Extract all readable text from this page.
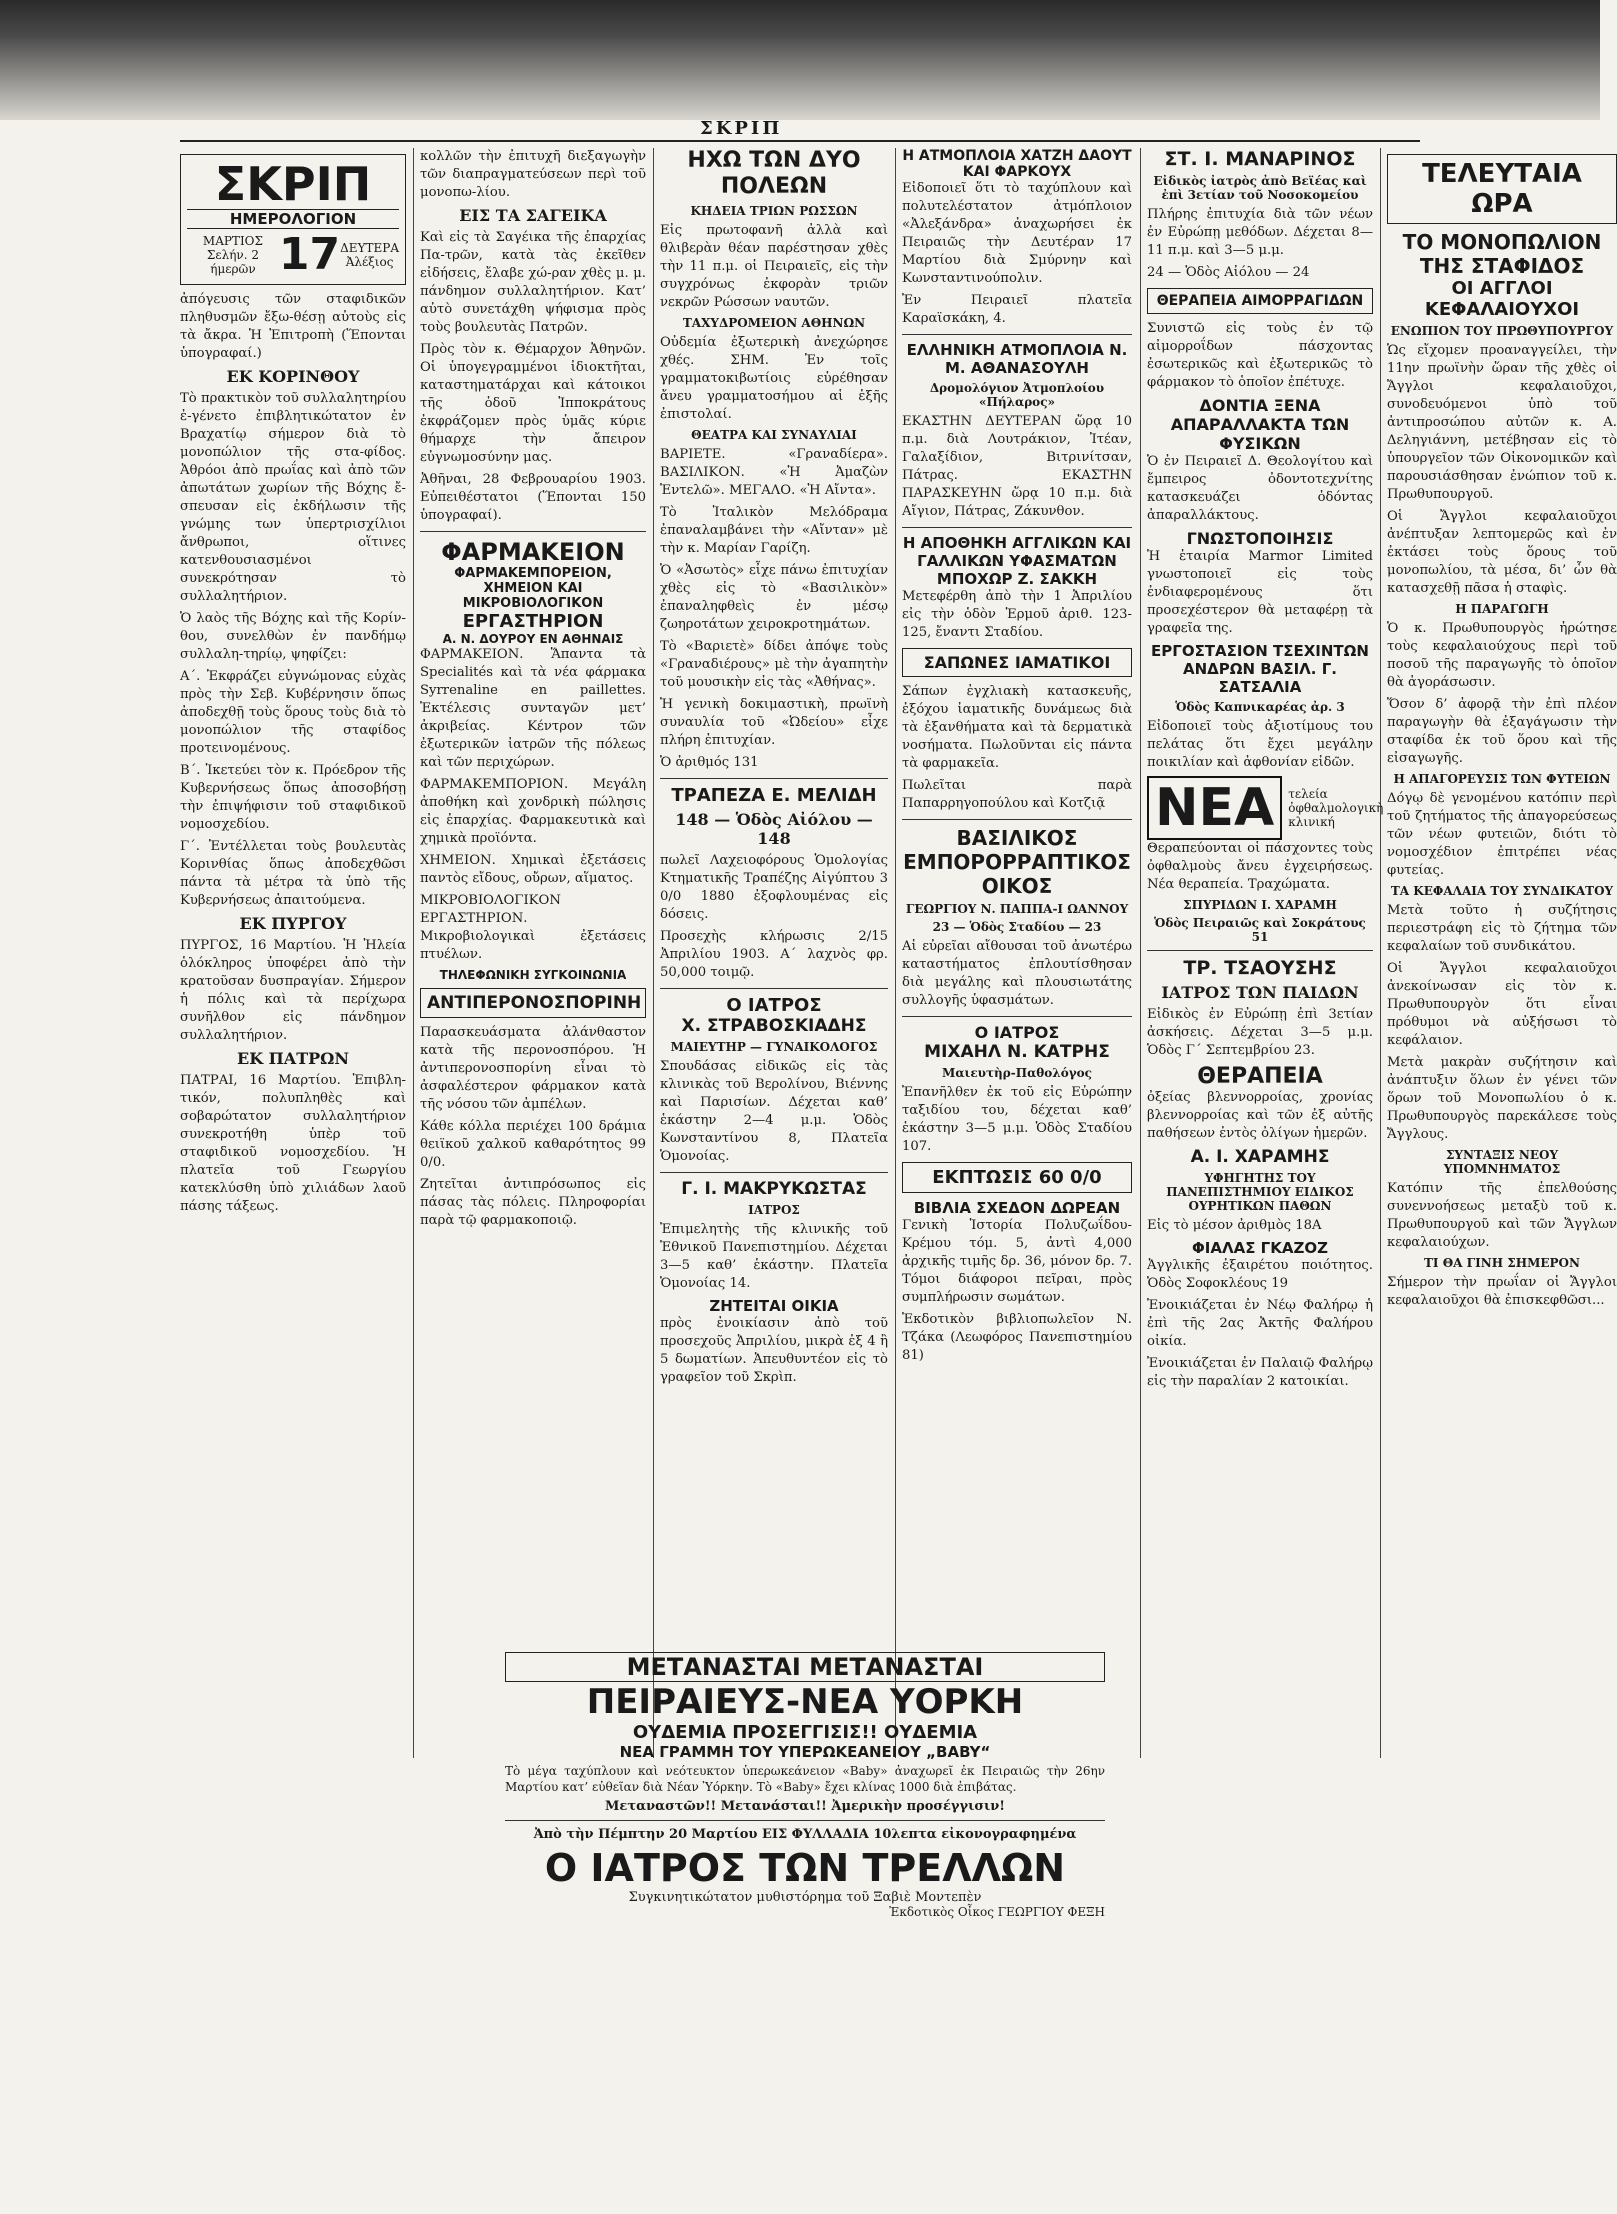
ΣΚΡΙΠ
ΣΚΡΙΠ
ΗΜΕΡΟΛΟΓΙΟΝ
ΜΑΡΤΙΟΣ
Σελήν. 2 ήμερῶν 17 ΔΕΥΤΕΡΑ
Ἀλέξιος

ἀπόγευσις τῶν σταφιδικῶν πληθυσμῶν ἔξω-θέσῃ αὐτοὺς εἰς τὰ ἄκρα. Ἡ Ἐπιτροπὴ (Ἕπονται ὑπογραφαί.)

ΕΚ ΚΟΡΙΝΘΟΥ

Τὸ πρακτικὸν τοῦ συλλαλητηρίου ἐ-γένετο ἐπιβλητικώτατον ἐν Βραχατίῳ σήμερον διὰ τὸ μονοπώλιον τῆς στα-φίδος. Ἀθρόοι ἀπὸ πρωΐας καὶ ἀπὸ τῶν ἀπωτάτων χωρίων τῆς Βόχης ἔ-σπευσαν εἰς ἐκδήλωσιν τῆς γνώμης των ὑπερτρισχίλιοι ἄνθρωποι, οἵτινες κατενθουσιασμένοι συνεκρότησαν τὸ συλλαλητήριον.

Ὁ λαὸς τῆς Βόχης καὶ τῆς Κορίν-θου, συνελθὼν ἐν πανδήμῳ συλλαλη-τηρίῳ, ψηφίζει:

Α΄. Ἐκφράζει εὐγνώμονας εὐχὰς πρὸς τὴν Σεβ. Κυβέρνησιν ὅπως ἀποδεχθῇ τοὺς ὅρους τοὺς διὰ τὸ μονοπώλιον τῆς σταφίδος προτεινομένους.

Β΄. Ἱκετεύει τὸν κ. Πρόεδρον τῆς Κυβερνήσεως ὅπως ἀποσοβήσῃ τὴν ἐπιψήφισιν τοῦ σταφιδικοῦ νομοσχεδίου.

Γ΄. Ἐντέλλεται τοὺς βουλευτὰς Κορινθίας ὅπως ἀποδεχθῶσι πάντα τὰ μέτρα τὰ ὑπὸ τῆς Κυβερνήσεως ἀπαιτούμενα.

ΕΚ ΠΥΡΓΟΥ

ΠΥΡΓΟΣ, 16 Μαρτίου. Ἡ Ἠλεία ὁλόκληρος ὑποφέρει ἀπὸ τὴν κρατοῦσαν δυσπραγίαν. Σήμερον ἡ πόλις καὶ τὰ περίχωρα συνῆλθον εἰς πάνδημον συλλαλητήριον.

ΕΚ ΠΑΤΡΩΝ

ΠΑΤΡΑΙ, 16 Μαρτίου. Ἐπιβλη-τικόν, πολυπληθὲς καὶ σοβαρώτατον συλλαλητήριον συνεκροτήθη ὑπὲρ τοῦ σταφιδικοῦ νομοσχεδίου. Ἡ πλατεῖα τοῦ Γεωργίου κατεκλύσθη ὑπὸ χιλιάδων λαοῦ πάσης τάξεως.

κολλῶν τὴν ἐπιτυχῆ διεξαγωγὴν τῶν διαπραγματεύσεων περὶ τοῦ μονοπω-λίου.

ΕΙΣ ΤΑ ΣΑΓΕΙΚΑ

Καὶ εἰς τὰ Σαγέικα τῆς ἐπαρχίας Πα-τρῶν, κατὰ τὰς ἐκεῖθεν εἰδήσεις, ἔλαβε χώ-ραν χθὲς μ. μ. πάνδημον συλλαλητήριον. Κατ’ αὐτὸ συνετάχθη ψήφισμα πρὸς τοὺς βουλευτὰς Πατρῶν.

Πρὸς τὸν κ. Θέμαρχον Ἀθηνῶν. Οἱ ὑπογεγραμμένοι ἰδιοκτῆται, καταστηματάρχαι καὶ κάτοικοι τῆς ὁδοῦ Ἱπποκράτους ἐκφράζομεν πρὸς ὑμᾶς κύριε θήμαρχε τὴν ἄπειρον εὐγνωμοσύνην μας.

Ἀθῆναι, 28 Φεβρουαρίου 1903. Εὐπειθέστατοι (Ἕπονται 150 ὑπογραφαί).

ΦΑΡΜΑΚΕΙΟΝ
ΦΑΡΜΑΚΕΜΠΟΡΕΙΟΝ, ΧΗΜΕΙΟΝ ΚΑΙ ΜΙΚΡΟΒΙΟΛΟΓΙΚΟΝ
ΕΡΓΑΣΤΗΡΙΟΝ
Α. Ν. ΔΟΥΡΟΥ ΕΝ ΑΘΗΝΑΙΣ

ΦΑΡΜΑΚΕΙΟΝ. Ἅπαντα τὰ Specialités καὶ τὰ νέα φάρμακα Syrrenaline en paillettes. Ἐκτέλεσις συνταγῶν μετ’ ἀκριβείας. Κέντρον τῶν ἐξωτερικῶν ἰατρῶν τῆς πόλεως καὶ τῶν περιχώρων.

ΦΑΡΜΑΚΕΜΠΟΡΙΟΝ. Μεγάλη ἀποθήκη καὶ χονδρικὴ πώλησις εἰς ἐπαρχίας. Φαρμακευτικὰ καὶ χημικὰ προϊόντα.

ΧΗΜΕΙΟΝ. Χημικαὶ ἐξετάσεις παντὸς εἴδους, οὔρων, αἵματος.

ΜΙΚΡΟΒΙΟΛΟΓΙΚΟΝ ΕΡΓΑΣΤΗΡΙΟΝ. Μικροβιολογικαὶ ἐξετάσεις πτυέλων.

ΤΗΛΕΦΩΝΙΚΗ ΣΥΓΚΟΙΝΩΝΙΑ
ΑΝΤΙΠΕΡΟΝΟΣΠΟΡΙΝΗ

Παρασκευάσματα ἀλάνθαστον κατὰ τῆς περονοσπόρου. Ἡ ἀντιπερονοσπορίνη εἶναι τὸ ἀσφαλέστερον φάρμακον κατὰ τῆς νόσου τῶν ἀμπέλων.

Κάθε κόλλα περιέχει 100 δράμια θειϊκοῦ χαλκοῦ καθαρότητος 99 0/0.

Ζητεῖται ἀντιπρόσωπος εἰς πάσας τὰς πόλεις. Πληροφορίαι παρὰ τῷ φαρμακοποιῷ.

ΗΧΩ ΤΩΝ ΔΥΟ ΠΟΛΕΩΝ
ΚΗΔΕΙΑ ΤΡΙΩΝ ΡΩΣΣΩΝ

Εἰς πρωτοφανῆ ἀλλὰ καὶ θλιβερὰν θέαν παρέστησαν χθὲς τὴν 11 π.μ. οἱ Πειραιεῖς, εἰς τὴν συγχρόνως ἐκφορὰν τριῶν νεκρῶν Ρώσσων ναυτῶν.

ΤΑΧΥΔΡΟΜΕΙΟΝ ΑΘΗΝΩΝ

Οὐδεμία ἐξωτερικὴ ἀνεχώρησε χθές. ΣΗΜ. Ἐν τοῖς γραμματοκιβωτίοις εὑρέθησαν ἄνευ γραμματοσήμου αἱ ἑξῆς ἐπιστολαί.

ΘΕΑΤΡΑ ΚΑΙ ΣΥΝΑΥΛΙΑΙ

ΒΑΡΙΕΤΕ. «Γραναδίερα». ΒΑΣΙΛΙΚΟΝ. «Ἡ Ἀμαζὼν Ἐντελῶ». ΜΕΓΑΛΟ. «Ἡ Αἴντα».

Τὸ Ἰταλικὸν Μελόδραμα ἐπαναλαμβάνει τὴν «Αἴνταν» μὲ τὴν κ. Μαρίαν Γαρίζη.

Ὁ «Ἀσωτὸς» εἶχε πάνω ἐπιτυχίαν χθὲς εἰς τὸ «Βασιλικὸν» ἐπαναληφθεὶς ἐν μέσῳ ζωηροτάτων χειροκροτημάτων.

Τὸ «Βαριετὲ» δίδει ἀπόψε τοὺς «Γραναδιέρους» μὲ τὴν ἀγαπητὴν τοῦ μουσικὴν εἰς τὰς «Ἀθήνας».

Ἡ γενικὴ δοκιμαστικὴ, πρωϊνὴ συναυλία τοῦ «Ὠδείου» εἶχε πλήρη ἐπιτυχίαν.

Ὁ ἀριθμός 131

ΤΡΑΠΕΖΑ Ε. ΜΕΛΙΔΗ
148 — Ὁδὸς Αἰόλου — 148

πωλεῖ Λαχειοφόρους Ὁμολογίας Κτηματικῆς Τραπέζης Αἰγύπτου 3 0/0 1880 ἐξοφλουμένας εἰς δόσεις.

Προσεχὴς κλήρωσις 2/15 Ἀπριλίου 1903. Α΄ λαχνὸς φρ. 50,000 τοιμῷ.

Ο ΙΑΤΡΟΣ
Χ. ΣΤΡΑΒΟΣΚΙΑΔΗΣ
ΜΑΙΕΥΤΗΡ — ΓΥΝΑΙΚΟΛΟΓΟΣ

Σπουδάσας εἰδικῶς εἰς τὰς κλινικὰς τοῦ Βερολίνου, Βιέννης καὶ Παρισίων. Δέχεται καθ’ ἑκάστην 2—4 μ.μ. Ὁδὸς Κωνσταντίνου 8, Πλατεῖα Ὁμονοίας.

Γ. Ι. ΜΑΚΡΥΚΩΣΤΑΣ
ΙΑΤΡΟΣ

Ἐπιμελητὴς τῆς κλινικῆς τοῦ Ἐθνικοῦ Πανεπιστημίου. Δέχεται 3—5 καθ’ ἑκάστην. Πλατεῖα Ὁμονοίας 14.

ΖΗΤΕΙΤΑΙ ΟΙΚΙΑ

πρὸς ἐνοικίασιν ἀπὸ τοῦ προσεχοῦς Ἀπριλίου, μικρὰ ἐξ 4 ἢ 5 δωματίων. Ἀπευθυντέον εἰς τὸ γραφεῖον τοῦ Σκρὶπ.

Η ΑΤΜΟΠΛΟΙΑ ΧΑΤΖΗ ΔΑΟΥΤ ΚΑΙ ΦΑΡΚΟΥΧ

Εἰδοποιεῖ ὅτι τὸ ταχύπλουν καὶ πολυτελέστατον ἀτμόπλοιον «Ἀλεξάνδρα» ἀναχωρήσει ἐκ Πειραιῶς τὴν Δευτέραν 17 Μαρτίου διὰ Σμύρνην καὶ Κωνσταντινούπολιν.

Ἐν Πειραιεῖ πλατεῖα Καραϊσκάκη, 4.

ΕΛΛΗΝΙΚΗ ΑΤΜΟΠΛΟΙΑ Ν. Μ. ΑΘΑΝΑΣΟΥΛΗ
Δρομολόγιον Ἀτμοπλοίου «Πήλαρος»

ΕΚΑΣΤΗΝ ΔΕΥΤΕΡΑΝ ὥρᾳ 10 π.μ. διὰ Λουτράκιον, Ἰτέαν, Γαλαξίδιον, Βιτρινίτσαν, Πάτρας. ΕΚΑΣΤΗΝ ΠΑΡΑΣΚΕΥΗΝ ὥρᾳ 10 π.μ. διὰ Αἴγιον, Πάτρας, Ζάκυνθον.

Η ΑΠΟΘΗΚΗ ΑΓΓΛΙΚΩΝ ΚΑΙ ΓΑΛΛΙΚΩΝ ΥΦΑΣΜΑΤΩΝ ΜΠΟΧΩΡ Ζ. ΣΑΚΚΗ

Μετεφέρθη ἀπὸ τὴν 1 Ἀπριλίου εἰς τὴν ὁδὸν Ἑρμοῦ ἀριθ. 123-125, ἔναντι Σταδίου.

ΣΑΠΩΝΕΣ ΙΑΜΑΤΙΚΟΙ

Σάπων ἐγχλιακὴ κατασκευῆς, ἐξόχου ἰαματικῆς δυνάμεως διὰ τὰ ἐξανθήματα καὶ τὰ δερματικὰ νοσήματα. Πωλοῦνται εἰς πάντα τὰ φαρμακεῖα.

Πωλεῖται παρὰ Παπαρρηγοπούλου καὶ Κοτζιᾷ

ΒΑΣΙΛΙΚΟΣ ΕΜΠΟΡΟΡΡΑΠΤΙΚΟΣ ΟΙΚΟΣ
ΓΕΩΡΓΙΟΥ Ν. ΠΑΠΠΑ-Ι ΩΑΝΝΟΥ
23 — Ὁδὸς Σταδίου — 23

Αἱ εὐρεῖαι αἴθουσαι τοῦ ἀνωτέρω καταστήματος ἐπλουτίσθησαν διὰ μεγάλης καὶ πλουσιωτάτης συλλογῆς ὑφασμάτων.

Ο ΙΑΤΡΟΣ
ΜΙΧΑΗΛ Ν. ΚΑΤΡΗΣ
Μαιευτὴρ-Παθολόγος

Ἐπανῆλθεν ἐκ τοῦ εἰς Εὐρώπην ταξιδίου του, δέχεται καθ’ ἑκάστην 3—5 μ.μ. Ὁδὸς Σταδίου 107.

ΕΚΠΤΩΣΙΣ 60 0/0
ΒΙΒΛΙΑ ΣΧΕΔΟΝ ΔΩΡΕΑΝ

Γενικὴ Ἱστορία Πολυζωΐδου-Κρέμου τόμ. 5, ἀντὶ 4,000 ἀρχικῆς τιμῆς δρ. 36, μόνον δρ. 7. Τόμοι διάφοροι πεῖραι, πρὸς συμπλήρωσιν σωμάτων.

Ἐκδοτικὸν βιβλιοπωλεῖον Ν. Τζάκα (Λεωφόρος Πανεπιστημίου 81)

ΣΤ. Ι. ΜΑΝΑΡΙΝΟΣ
Εἰδικὸς ἰατρὸς ἀπὸ Βεϊέας καὶ ἐπὶ 3ετίαν τοῦ Νοσοκομείου

Πλήρης ἐπιτυχία διὰ τῶν νέων ἐν Εὐρώπῃ μεθόδων. Δέχεται 8—11 π.μ. καὶ 3—5 μ.μ.

24 — Ὁδὸς Αἰόλου — 24

ΘΕΡΑΠΕΙΑ ΑΙΜΟΡΡΑΓΙΔΩΝ

Συνιστῶ εἰς τοὺς ἐν τῷ αἰμορροΐδων πάσχοντας ἐσωτερικῶς καὶ ἐξωτερικῶς τὸ φάρμακον τὸ ὁποῖον ἐπέτυχε.

ΔΟΝΤΙΑ ΞΕΝΑ ΑΠΑΡΑΛΛΑΚΤΑ ΤΩΝ ΦΥΣΙΚΩΝ

Ὁ ἐν Πειραιεῖ Δ. Θεολογίτου καὶ ἔμπειρος ὀδοντοτεχνίτης κατασκευάζει ὀδόντας ἀπαραλλάκτους.

ΓΝΩΣΤΟΠΟΙΗΣΙΣ

Ἡ ἑταιρία Marmor Limited γνωστοποιεῖ εἰς τοὺς ἐνδιαφερομένους ὅτι προσεχέστερον θὰ μεταφέρῃ τὰ γραφεῖα της.

ΕΡΓΟΣΤΑΣΙΟΝ ΤΣΕΧΙΝΤΩΝ ΑΝΔΡΩΝ ΒΑΣΙΛ. Γ. ΣΑΤΣΑΛΙΑ
Ὁδὸς Καπνικαρέας ἀρ. 3

Εἰδοποιεῖ τοὺς ἀξιοτίμους του πελάτας ὅτι ἔχει μεγάλην ποικιλίαν καὶ ἀφθονίαν εἰδῶν.

ΝΕΑ	τελεία ὀφθαλμολογικὴ κλινική

Θεραπεύονται οἱ πάσχοντες τοὺς ὀφθαλμοὺς ἄνευ ἐγχειρήσεως. Νέα θεραπεία. Τραχώματα.

ΣΠΥΡΙΔΩΝ Ι. ΧΑΡΑΜΗ
Ὁδὸς Πειραιῶς καὶ Σοκράτους 51
ΤΡ. ΤΣΑΟΥΣΗΣ
ΙΑΤΡΟΣ ΤΩΝ ΠΑΙΔΩΝ

Εἰδικὸς ἐν Εὐρώπῃ ἐπὶ 3ετίαν ἀσκήσεις. Δέχεται 3—5 μ.μ. Ὁδὸς Γ΄ Σεπτεμβρίου 23.

ΘΕΡΑΠΕΙΑ

ὀξείας βλεννορροίας, χρονίας βλεννορροίας καὶ τῶν ἐξ αὐτῆς παθήσεων ἐντὸς ὀλίγων ἡμερῶν.

Α. Ι. ΧΑΡΑΜΗΣ
ΥΦΗΓΗΤΗΣ ΤΟΥ ΠΑΝΕΠΙΣΤΗΜΙΟΥ ΕΙΔΙΚΟΣ ΟΥΡΗΤΙΚΩΝ ΠΑΘΩΝ

Εἰς τὸ μέσον ἀριθμὸς 18Α

ΦΙΑΛΑΣ ΓΚΑΖΟΖ

Ἀγγλικῆς ἐξαιρέτου ποιότητος. Ὁδὸς Σοφοκλέους 19

Ἐνοικιάζεται ἐν Νέῳ Φαλήρῳ ἡ ἐπὶ τῆς 2ας Ἀκτῆς Φαλήρου οἰκία.

Ἐνοικιάζεται ἐν Παλαιῷ Φαλήρῳ εἰς τὴν παραλίαν 2 κατοικίαι.

ΤΕΛΕΥΤΑΙΑ ΩΡΑ
ΤΟ ΜΟΝΟΠΩΛΙΟΝ
ΤΗΣ ΣΤΑΦΙΔΟΣ
ΟΙ ΑΓΓΛΟΙ ΚΕΦΑΛΑΙΟΥΧΟΙ
ΕΝΩΠΙΟΝ ΤΟΥ ΠΡΩΘΥΠΟΥΡΓΟΥ

Ὡς εἴχομεν προαναγγείλει, τὴν 11ην πρωϊνὴν ὥραν τῆς χθὲς οἱ Ἄγγλοι κεφαλαιοῦχοι, συνοδευόμενοι ὑπὸ τοῦ ἀντιπροσώπου αὐτῶν κ. Α. Δεληγιάννη, μετέβησαν εἰς τὸ ὑπουργεῖον τῶν Οἰκονομικῶν καὶ παρουσιάσθησαν ἐνώπιον τοῦ κ. Πρωθυπουργοῦ.

Οἱ Ἄγγλοι κεφαλαιοῦχοι ἀνέπτυξαν λεπτομερῶς καὶ ἐν ἐκτάσει τοὺς ὅρους τοῦ μονοπωλίου, τὰ μέσα, δι’ ὧν θὰ κατασχεθῇ πᾶσα ἡ σταφὶς.

Η ΠΑΡΑΓΩΓΗ

Ὁ κ. Πρωθυπουργὸς ἠρώτησε τοὺς κεφαλαιούχους περὶ τοῦ ποσοῦ τῆς παραγωγῆς τὸ ὁποῖον θὰ ἀγοράσωσιν.

Ὅσον δ’ ἀφορᾷ τὴν ἐπὶ πλέον παραγωγὴν θὰ ἐξαγάγωσιν τὴν σταφίδα ἐκ τοῦ ὅρου καὶ τῆς εἰσαγωγῆς.

Η ΑΠΑΓΟΡΕΥΣΙΣ ΤΩΝ ΦΥΤΕΙΩΝ

Δόγῳ δὲ γενομένου κατόπιν περὶ τοῦ ζητήματος τῆς ἀπαγορεύσεως τῶν νέων φυτειῶν, διότι τὸ νομοσχέδιον ἐπιτρέπει νέας φυτείας.

ΤΑ ΚΕΦΑΛΑΙΑ ΤΟΥ ΣΥΝΔΙΚΑΤΟΥ

Μετὰ τοῦτο ἡ συζήτησις περιεστράφη εἰς τὸ ζήτημα τῶν κεφαλαίων τοῦ συνδικάτου.

Οἱ Ἄγγλοι κεφαλαιοῦχοι ἀνεκοίνωσαν εἰς τὸν κ. Πρωθυπουργὸν ὅτι εἶναι πρόθυμοι νὰ αὐξήσωσι τὸ κεφάλαιον.

Μετὰ μακρὰν συζήτησιν καὶ ἀνάπτυξιν ὅλων ἐν γένει τῶν ὅρων τοῦ Μονοπωλίου ὁ κ. Πρωθυπουργὸς παρεκάλεσε τοὺς Ἄγγλους.

ΣΥΝΤΑΞΙΣ ΝΕΟΥ ΥΠΟΜΝΗΜΑΤΟΣ

Κατόπιν τῆς ἐπελθούσης συνεννοήσεως μεταξὺ τοῦ κ. Πρωθυπουργοῦ καὶ τῶν Ἄγγλων κεφαλαιούχων.

ΤΙ ΘΑ ΓΙΝΗ ΣΗΜΕΡΟΝ

Σήμερον τὴν πρωΐαν οἱ Ἄγγλοι κεφαλαιοῦχοι θὰ ἐπισκεφθῶσι...

ΜΕΤΑΝΑΣΤΑΙ ΜΕΤΑΝΑΣΤΑΙ
ΠΕΙΡΑΙΕΥΣ-ΝΕΑ ΥΟΡΚΗ
ΟΥΔΕΜΙΑ ΠΡΟΣΕΓΓΙΣΙΣ!! ΟΥΔΕΜΙΑ
ΝΕΑ ΓΡΑΜΜΗ ΤΟΥ ΥΠΕΡΩΚΕΑΝΕΙΟΥ „BABY“

Τὸ μέγα ταχύπλουν καὶ νεότευκτον ὑπερωκεάνειον «Baby» ἀναχωρεῖ ἐκ Πειραιῶς τὴν 26ην Μαρτίου κατ’ εὐθεῖαν διὰ Νέαν Ὑόρκην. Τὸ «Baby» ἔχει κλίνας 1000 διὰ ἐπιβάτας.

Μεταναστῶν!! Μετανάσται!! Ἀμερικὴν προσέγγισιν!
Ἀπὸ τὴν Πέμπτην 20 Μαρτίου ΕΙΣ ΦΥΛΛΑΔΙΑ 10λεπτα εἰκονογραφημένα
Ο ΙΑΤΡΟΣ ΤΩΝ ΤΡΕΛΛΩΝ
Συγκινητικώτατον μυθιστόρημα τοῦ Ξαβιὲ Μοντεπὲν
Ἐκδοτικὸς Οἶκος ΓΕΩΡΓΙΟΥ ΦΕΞΗ
